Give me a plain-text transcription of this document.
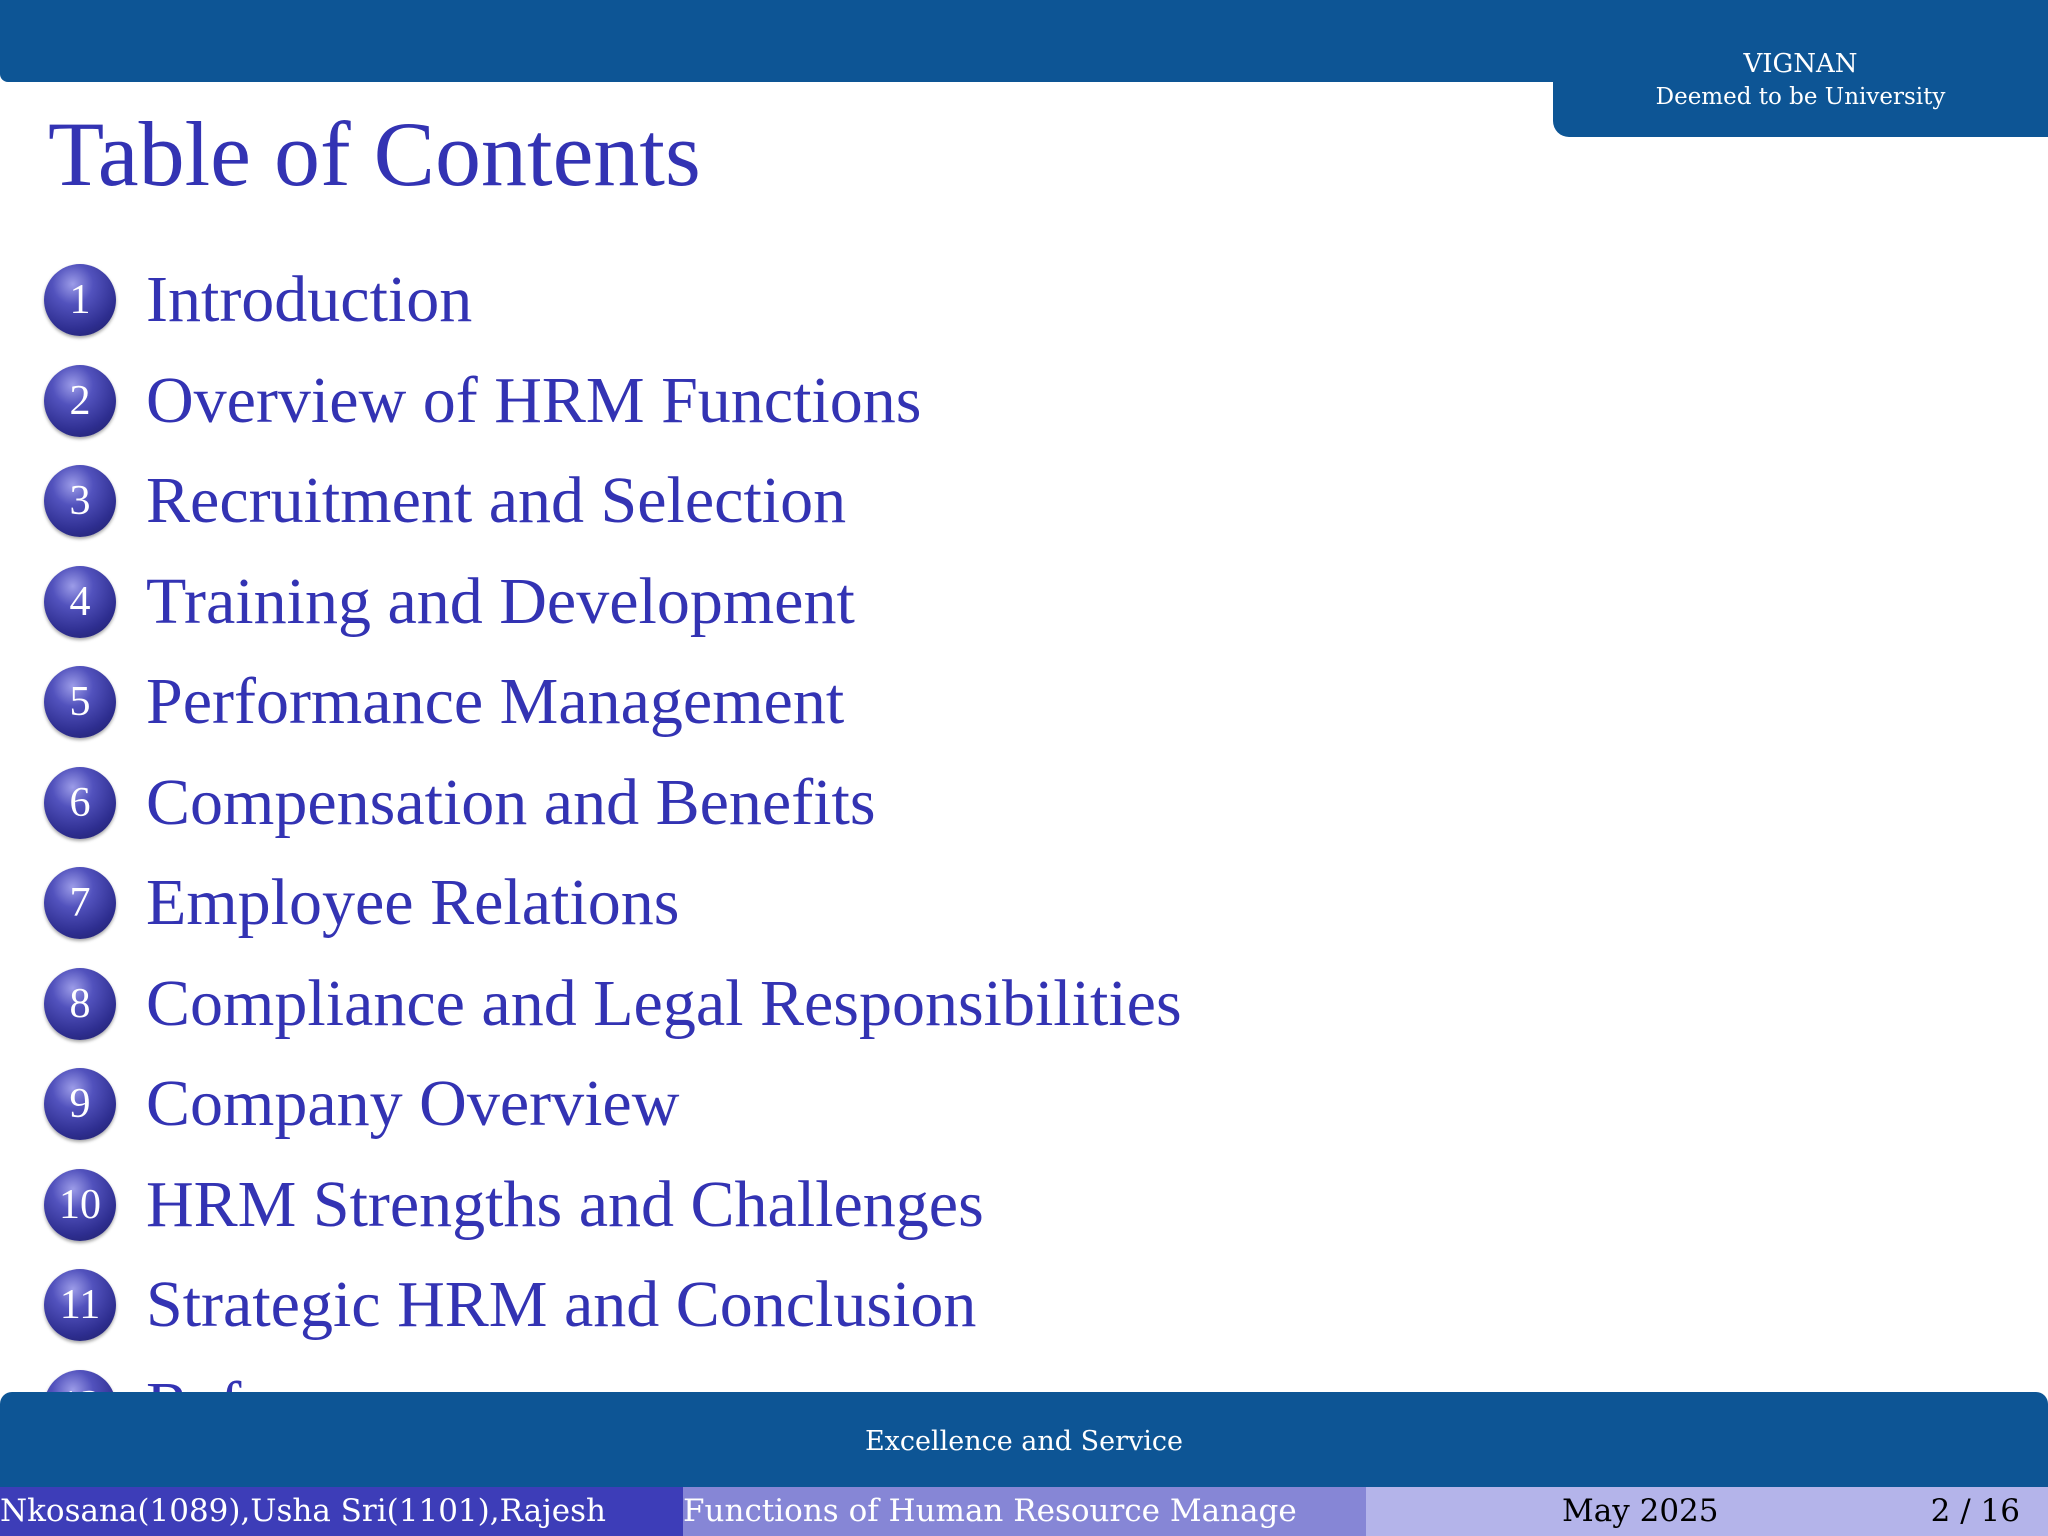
VIGNAN
Deemed to be University
Table of Contents
1 Introduction
2 Overview of HRM Functions
3 Recruitment and Selection
4 Training and Development
5 Performance Management
6 Compensation and Benefits
7 Employee Relations
8 Compliance and Legal Responsibilities
9 Company Overview
10 HRM Strengths and Challenges
11 Strategic HRM and Conclusion
Excellence and Service
Nkosana(1089),Usha Sri(1101),Rajesh	Functions of Human Resource Manage	May 2025	2 / 16
